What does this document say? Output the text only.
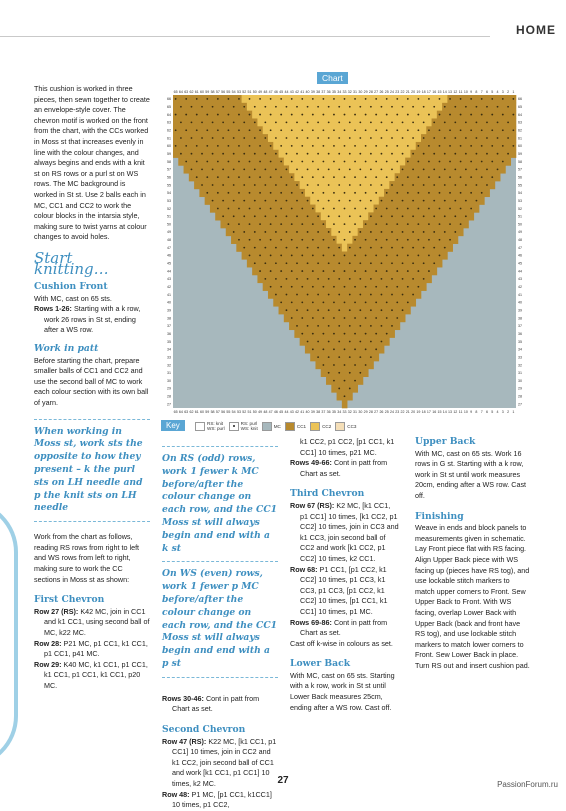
HOME

This cushion is worked in three pieces, then sewn together to create an envelope-style cover. The chevron motif is worked on the front from the chart, with the CCs worked in Moss st that increases evenly in line with the colour changes, and always begins and ends with a knit st on RS rows or a purl st on WS rows. The MC background is worked in St st. Use 2 balls each in MC, CC1 and CC2 to work the colour blocks in the intarsia style, making sure to twist yarns at colour changes to avoid holes.

Start knitting…
Cushion Front
With MC, cast on 65 sts.
Rows 1-26: Starting with a k row, work 26 rows in St st, ending after a WS row.
Work in patt

Before starting the chart, prepare smaller balls of CC1 and CC2 and use the second ball of MC to work each colour section with its own ball of yarn.

When working in Moss st, work sts the opposite to how they present – k the purl sts on LH needle and p the knit sts on LH needle

Work from the chart as follows, reading RS rows from right to left and WS rows from left to right, making sure to work the CC sections in Moss st as shown:

First Chevron
Row 27 (RS): K42 MC, join in CC1 and k1 CC1, using second ball of MC, k22 MC.
Row 28: P21 MC, p1 CC1, k1 CC1, p1 CC1, p41 MC.
Row 29: K40 MC, k1 CC1, p1 CC1, k1 CC1, p1 CC1, k1 CC1, p20 MC.
Chart
66
65
64
63
62
61
60
59
58
57
56
55
54
53
52
51
50
49
48
47
46
45
44
43
42
41
40
39
38
37
36
35
34
33
32
31
30
29
28
27
66
65
64
63
62
61
60
59
58
57
56
55
54
53
52
51
50
49
48
47
46
45
44
43
42
41
40
39
38
37
36
35
34
33
32
31
30
29
28
27
65 64 63 62 61 60 59 58 57 56 55 54 53 52 51 50 49 48 47 46 45 44 43 42 41 40 39 38 37 36 35 34 33 32 31 30 29 28 27 26 25 24 23 22 21 20 19 18 17 16 15 14 13 12 11 10 9 8 7 6 5 4 3 2 1
65 64 63 62 61 60 59 58 57 56 55 54 53 52 51 50 49 48 47 46 45 44 43 42 41 40 39 38 37 36 35 34 33 32 31 30 29 28 27 26 25 24 23 22 21 20 19 18 17 16 15 14 13 12 11 10 9 8 7 6 5 4 3 2 1
Key	RS: knit
WS: purl
RS: purl
WS: knit	MC	CC1	CC2	CC3
On RS (odd) rows, work 1 fewer k MC before/after the colour change on each row, and the CC1 Moss st will always begin and end with a k st
On WS (even) rows, work 1 fewer p MC before/after the colour change on each row, and the CC1 Moss st will always begin and end with a p st
Rows 30-46: Cont in patt from Chart as set.
Second Chevron
Row 47 (RS): K22 MC, [k1 CC1, p1 CC1] 10 times, join in CC2 and k1 CC2, join second ball of CC1 and work [k1 CC1, p1 CC1] 10 times, k2 MC.
Row 48: P1 MC, [p1 CC1, k1CC1] 10 times, p1 CC2,
k1 CC2, p1 CC2, [p1 CC1, k1 CC1] 10 times, p21 MC.
Rows 49-66: Cont in patt from Chart as set.
Third Chevron
Row 67 (RS): K2 MC, [k1 CC1, p1 CC1] 10 times, [k1 CC2, p1 CC2] 10 times, join in CC3 and k1 CC3, join second ball of CC2 and work [k1 CC2, p1 CC2] 10 times, k2 CC1.
Row 68: P1 CC1, [p1 CC2, k1 CC2] 10 times, p1 CC3, k1 CC3, p1 CC3, [p1 CC2, k1 CC2] 10 times, [p1 CC1, k1 CC1] 10 times, p1 MC.
Rows 69-86: Cont in patt from Chart as set.
Cast off k-wise in colours as set.
Lower Back
With MC, cast on 65 sts. Starting with a k row, work in St st until Lower Back measures 25cm, ending after a WS row. Cast off.
Upper Back

With MC, cast on 65 sts. Work 16 rows in G st. Starting with a k row, work in St st until work measures 20cm, ending after a WS row. Cast off.

Finishing
Weave in ends and block panels to measurements given in schematic. Lay Front piece flat with RS facing. Align Upper Back piece with WS facing up (pieces have RS tog), and use lockable stitch markers to match upper corners to Front. Sew Upper Back to Front. With WS facing, overlap Lower Back with Upper Back (back and front have RS tog), and use lockable stitch markers to match lower corners to Front. Sew Lower Back in place. Turn RS out and insert cushion pad.
27	PassionForum.ru
